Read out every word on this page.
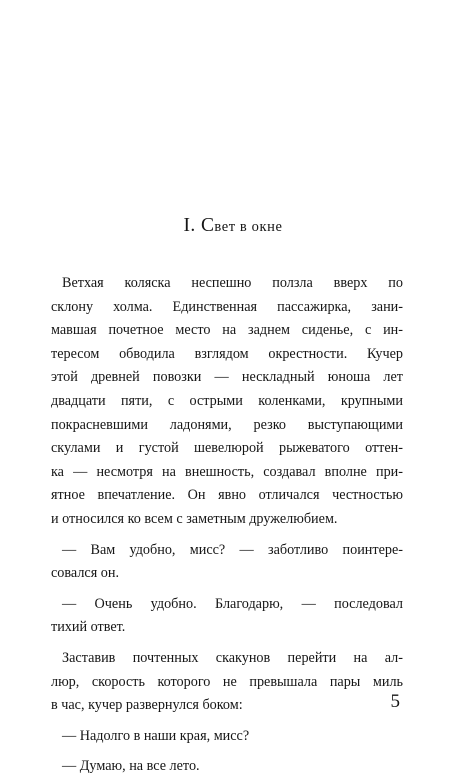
I. Свет в окне

Ветхая коляска неспешно ползла вверх по
склону холма. Единственная пассажирка, зани-
мавшая почетное место на заднем сиденье, с ин-
тересом обводила взглядом окрестности. Кучер
этой древней повозки — нескладный юноша лет
двадцати пяти, с острыми коленками, крупными
покрасневшими ладонями, резко выступающими
скулами и густой шевелюрой рыжеватого оттен-
ка — несмотря на внешность, создавал вполне при-
ятное впечатление. Он явно отличался честностью
и относился ко всем с заметным дружелюбием.

— Вам удобно, мисс? — заботливо поинтере-
совался он.

— Очень удобно. Благодарю, — последовал
тихий ответ.

Заставив почтенных скакунов перейти на ал-
люр, скорость которого не превышала пары миль
в час, кучер развернулся боком:

— Надолго в наши края, мисс?

— Думаю, на все лето.

5
